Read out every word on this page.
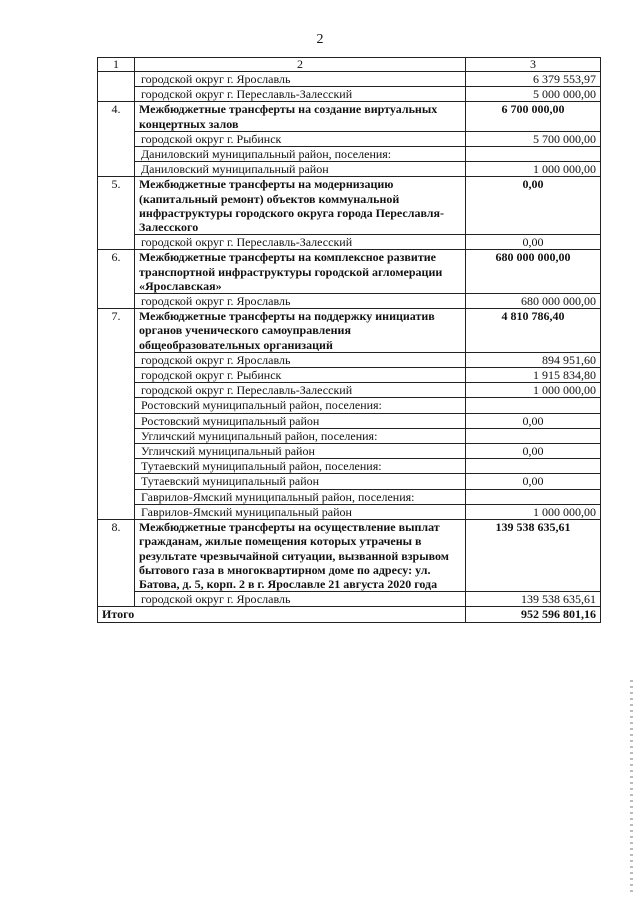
2
1	2	3
	городской округ г. Ярославль	6 379 553,97
	городской округ г. Переславль-Залесский	5 000 000,00
4.	Межбюджетные трансферты на создание виртуальных концертных залов	6 700 000,00
	городской округ г. Рыбинск	5 700 000,00
	Даниловский муниципальный район, поселения:	
	Даниловский муниципальный район	1 000 000,00
5.	Межбюджетные трансферты на модернизацию (капитальный ремонт) объектов коммунальной инфраструктуры городского округа города Переславля-Залесского	0,00
	городской округ г. Переславль-Залесский	0,00
6.	Межбюджетные трансферты на комплексное развитие транспортной инфраструктуры городской агломерации «Ярославская»	680 000 000,00
	городской округ г. Ярославль	680 000 000,00
7.	Межбюджетные трансферты на поддержку инициатив органов ученического самоуправления общеобразовательных организаций	4 810 786,40
	городской округ г. Ярославль	894 951,60
	городской округ г. Рыбинск	1 915 834,80
	городской округ г. Переславль-Залесский	1 000 000,00
	Ростовский муниципальный район, поселения:	
	Ростовский муниципальный район	0,00
	Угличский муниципальный район, поселения:	
	Угличский муниципальный район	0,00
	Тутаевский муниципальный район, поселения:	
	Тутаевский муниципальный район	0,00
	Гаврилов-Ямский муниципальный район, поселения:	
	Гаврилов-Ямский муниципальный район	1 000 000,00
8.	Межбюджетные трансферты на осуществление выплат гражданам, жилые помещения которых утрачены в результате чрезвычайной ситуации, вызванной взрывом бытового газа в многоквартирном доме по адресу: ул. Батова, д. 5, корп. 2 в г. Ярославле 21 августа 2020 года	139 538 635,61
	городской округ г. Ярославль	139 538 635,61
Итого		952 596 801,16
